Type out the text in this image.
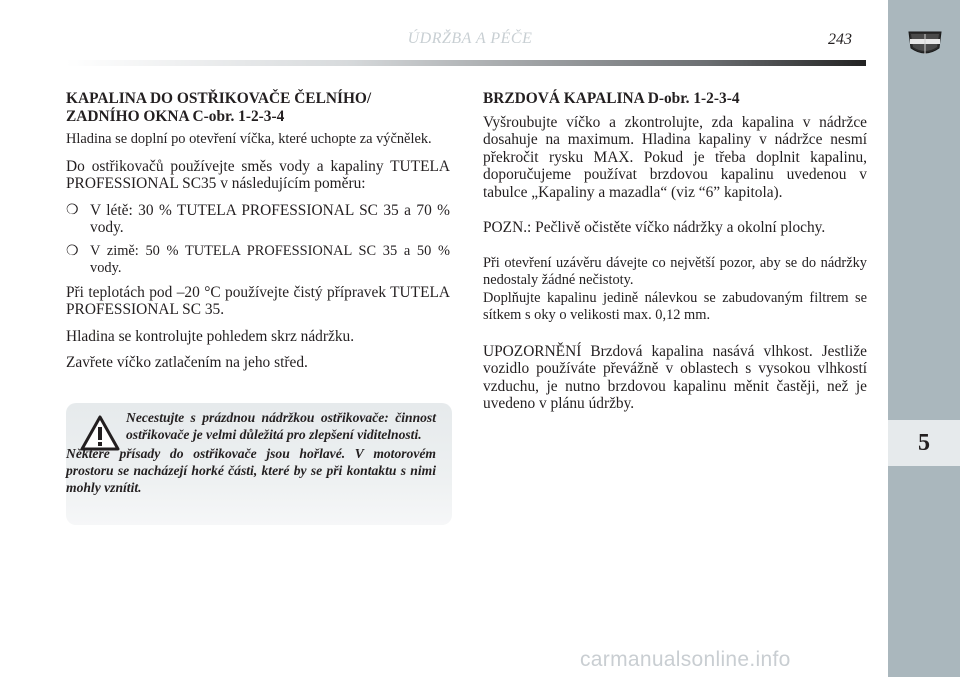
ÚDRŽBA A PÉČE	243
5
KAPALINA DO OSTŘIKOVAČE ČELNÍHO/
ZADNÍHO OKNA C-obr. 1-2-3-4

Hladina se doplní po otevření víčka, které uchopte za výčnělek.

Do ostřikovačů používejte směs vody a kapaliny TUTELA PROFESSIONAL SC35 v následujícím poměru:

❍ V létě: 30 % TUTELA PROFESSIONAL SC 35 a 70 % vody.
❍ V zimě: 50 % TUTELA PROFESSIONAL SC 35 a 50 % vody.

Při teplotách pod –20 °C používejte čistý přípravek TUTELA PROFESSIONAL SC 35.

Hladina se kontrolujte pohledem skrz nádržku.

Zavřete víčko zatlačením na jeho střed.

Necestujte s prázdnou nádržkou ostřikovače: činnost ostřikovače je velmi důležitá pro zlepšení viditelnosti.
Některé přísady do ostřikovače jsou hořlavé. V motorovém prostoru se nacházejí horké části, které by se při kontaktu s nimi mohly vznítit.
BRZDOVÁ KAPALINA D-obr. 1-2-3-4

Vyšroubujte víčko a zkontrolujte, zda kapalina v nádržce dosahuje na maximum. Hladina kapaliny v nádržce nesmí překročit rysku MAX. Pokud je třeba doplnit kapalinu, doporučujeme používat brzdovou kapalinu uvedenou v tabulce „Kapaliny a mazadla“ (viz “6” kapitola).

POZN.: Pečlivě očistěte víčko nádržky a okolní plochy.

Při otevření uzávěru dávejte co největší pozor, aby se do nádržky nedostaly žádné nečistoty.

Doplňujte kapalinu jedině nálevkou se zabudovaným filtrem se sítkem s oky o velikosti max. 0,12 mm.

UPOZORNĚNÍ Brzdová kapalina nasává vlhkost. Jestliže vozidlo používáte převážně v oblastech s vysokou vlhkostí vzduchu, je nutno brzdovou kapalinu měnit častěji, než je uvedeno v plánu údržby.

carmanualsonline.info
